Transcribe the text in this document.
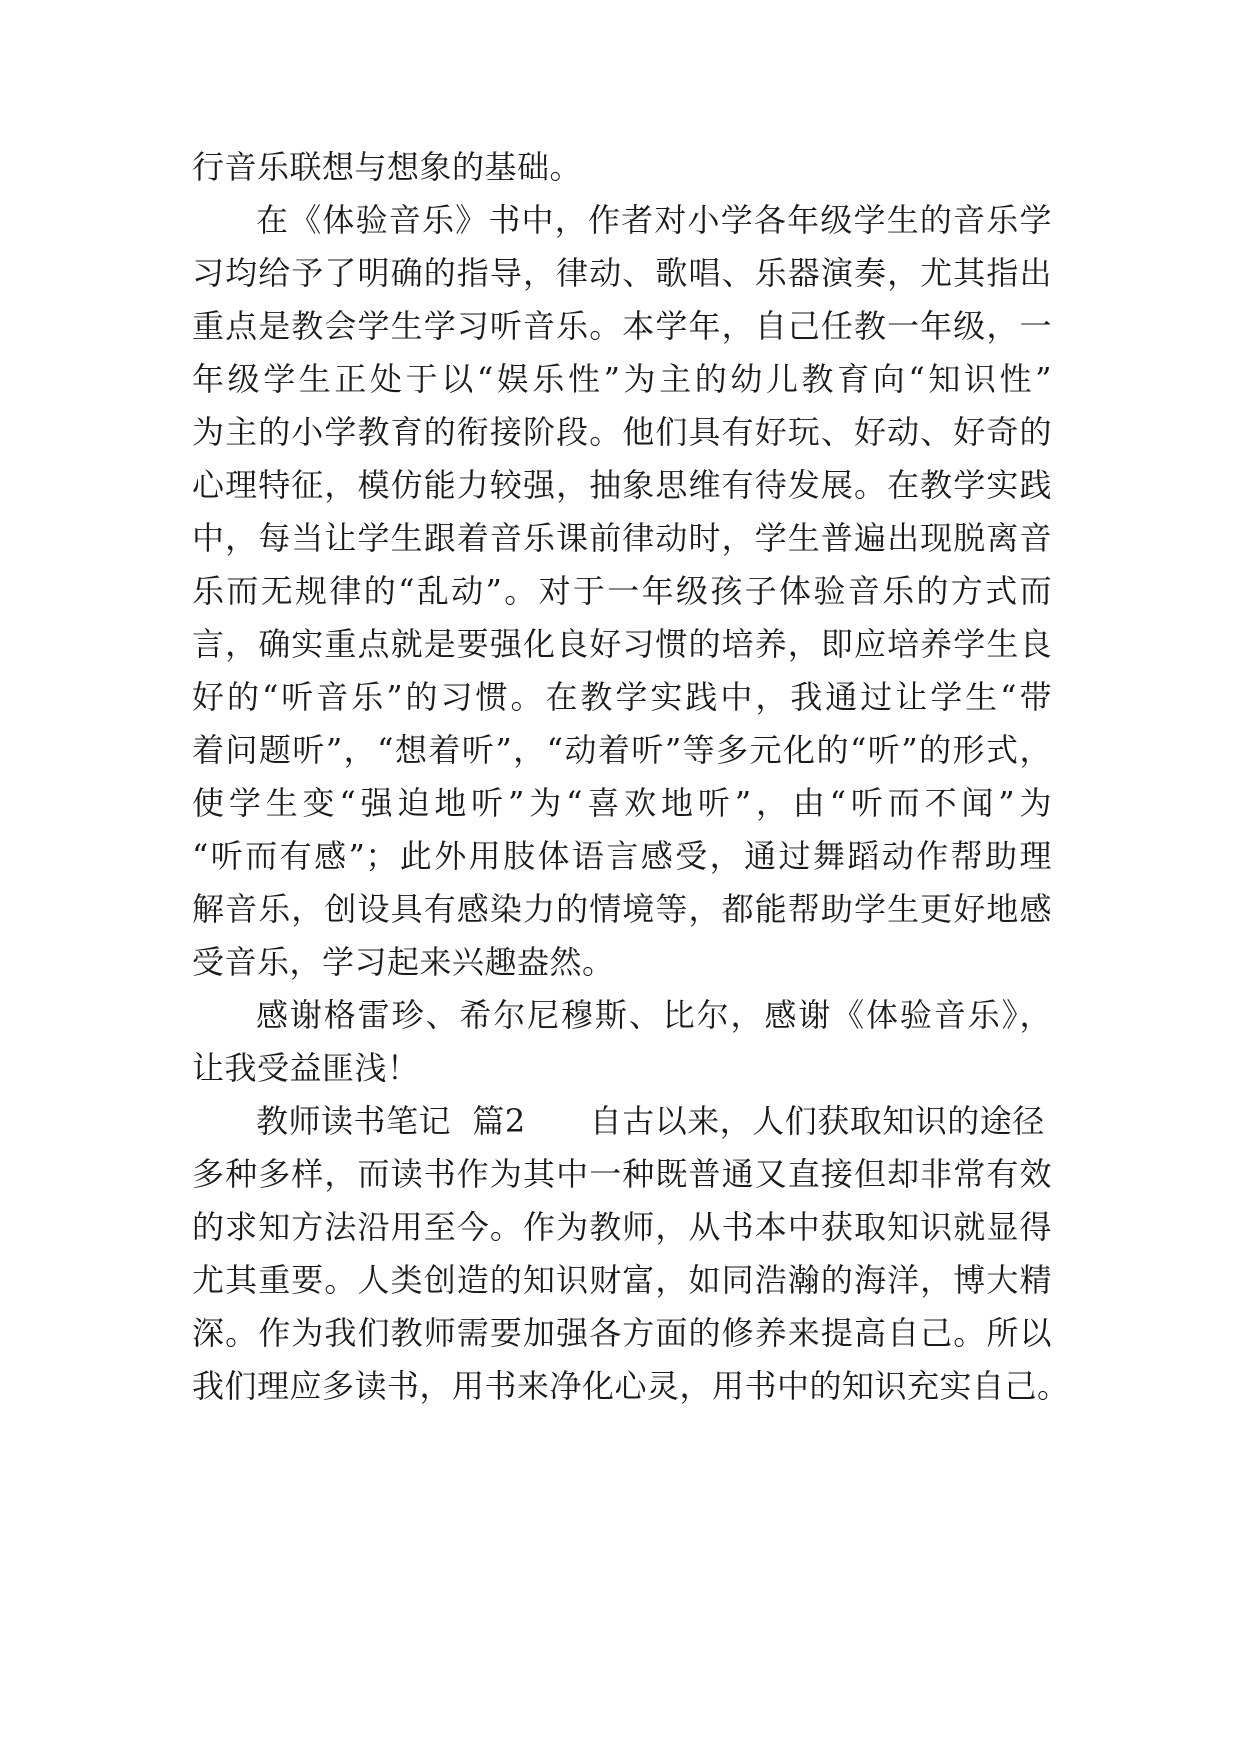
行音乐联想与想象的基础。
在《体验音乐》书中，作者对小学各年级学生的音乐学
习均给予了明确的指导，律动、歌唱、乐器演奏，尤其指出
重点是教会学生学习听音乐。本学年，自己任教一年级，一
年级学生正处于以“娱乐性”为主的幼儿教育向“知识性”
为主的小学教育的衔接阶段。他们具有好玩、好动、好奇的
心理特征，模仿能力较强，抽象思维有待发展。在教学实践
中，每当让学生跟着音乐课前律动时，学生普遍出现脱离音
乐而无规律的“乱动”。对于一年级孩子体验音乐的方式而
言，确实重点就是要强化良好习惯的培养，即应培养学生良
好的“听音乐”的习惯。在教学实践中，我通过让学生“带
着问题听”，“想着听”，“动着听”等多元化的“听”的形式，
使学生变“强迫地听”为“喜欢地听”，由“听而不闻”为
“听而有感”；此外用肢体语言感受，通过舞蹈动作帮助理
解音乐，创设具有感染力的情境等，都能帮助学生更好地感
受音乐，学习起来兴趣盎然。
感谢格雷珍、希尔尼穆斯、比尔，感谢《体验音乐》，
让我受益匪浅！
教师读书笔记  篇2      自古以来，人们获取知识的途径
多种多样，而读书作为其中一种既普通又直接但却非常有效
的求知方法沿用至今。作为教师，从书本中获取知识就显得
尤其重要。人类创造的知识财富，如同浩瀚的海洋，博大精
深。作为我们教师需要加强各方面的修养来提高自己。所以
我们理应多读书，用书来净化心灵，用书中的知识充实自己。
